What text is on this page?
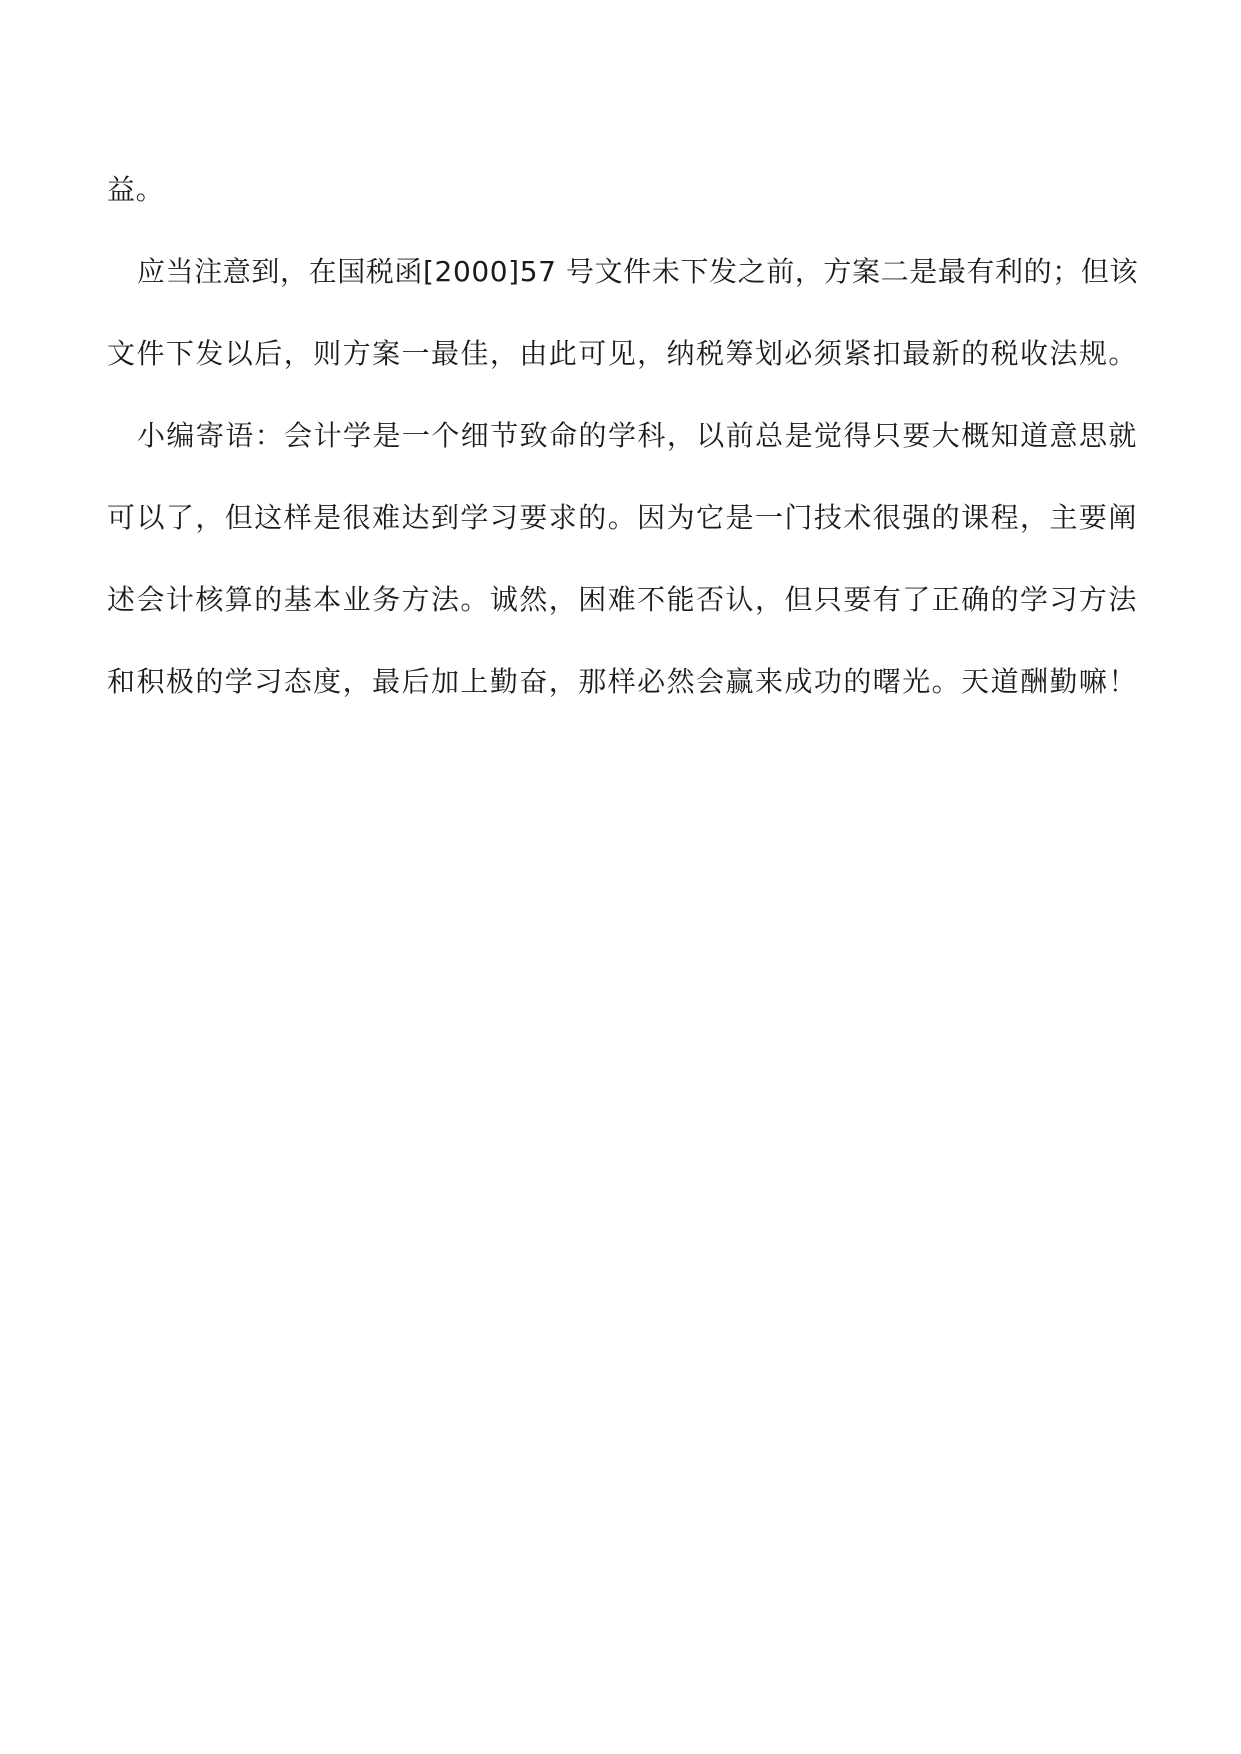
益。
应当注意到，在国税函[2000]57 号文件未下发之前，方案二是最有利的；但该
文件下发以后，则方案一最佳，由此可见，纳税筹划必须紧扣最新的税收法规。
小编寄语：会计学是一个细节致命的学科，以前总是觉得只要大概知道意思就
可以了，但这样是很难达到学习要求的。因为它是一门技术很强的课程，主要阐
述会计核算的基本业务方法。诚然，困难不能否认，但只要有了正确的学习方法
和积极的学习态度，最后加上勤奋，那样必然会赢来成功的曙光。天道酬勤嘛！
